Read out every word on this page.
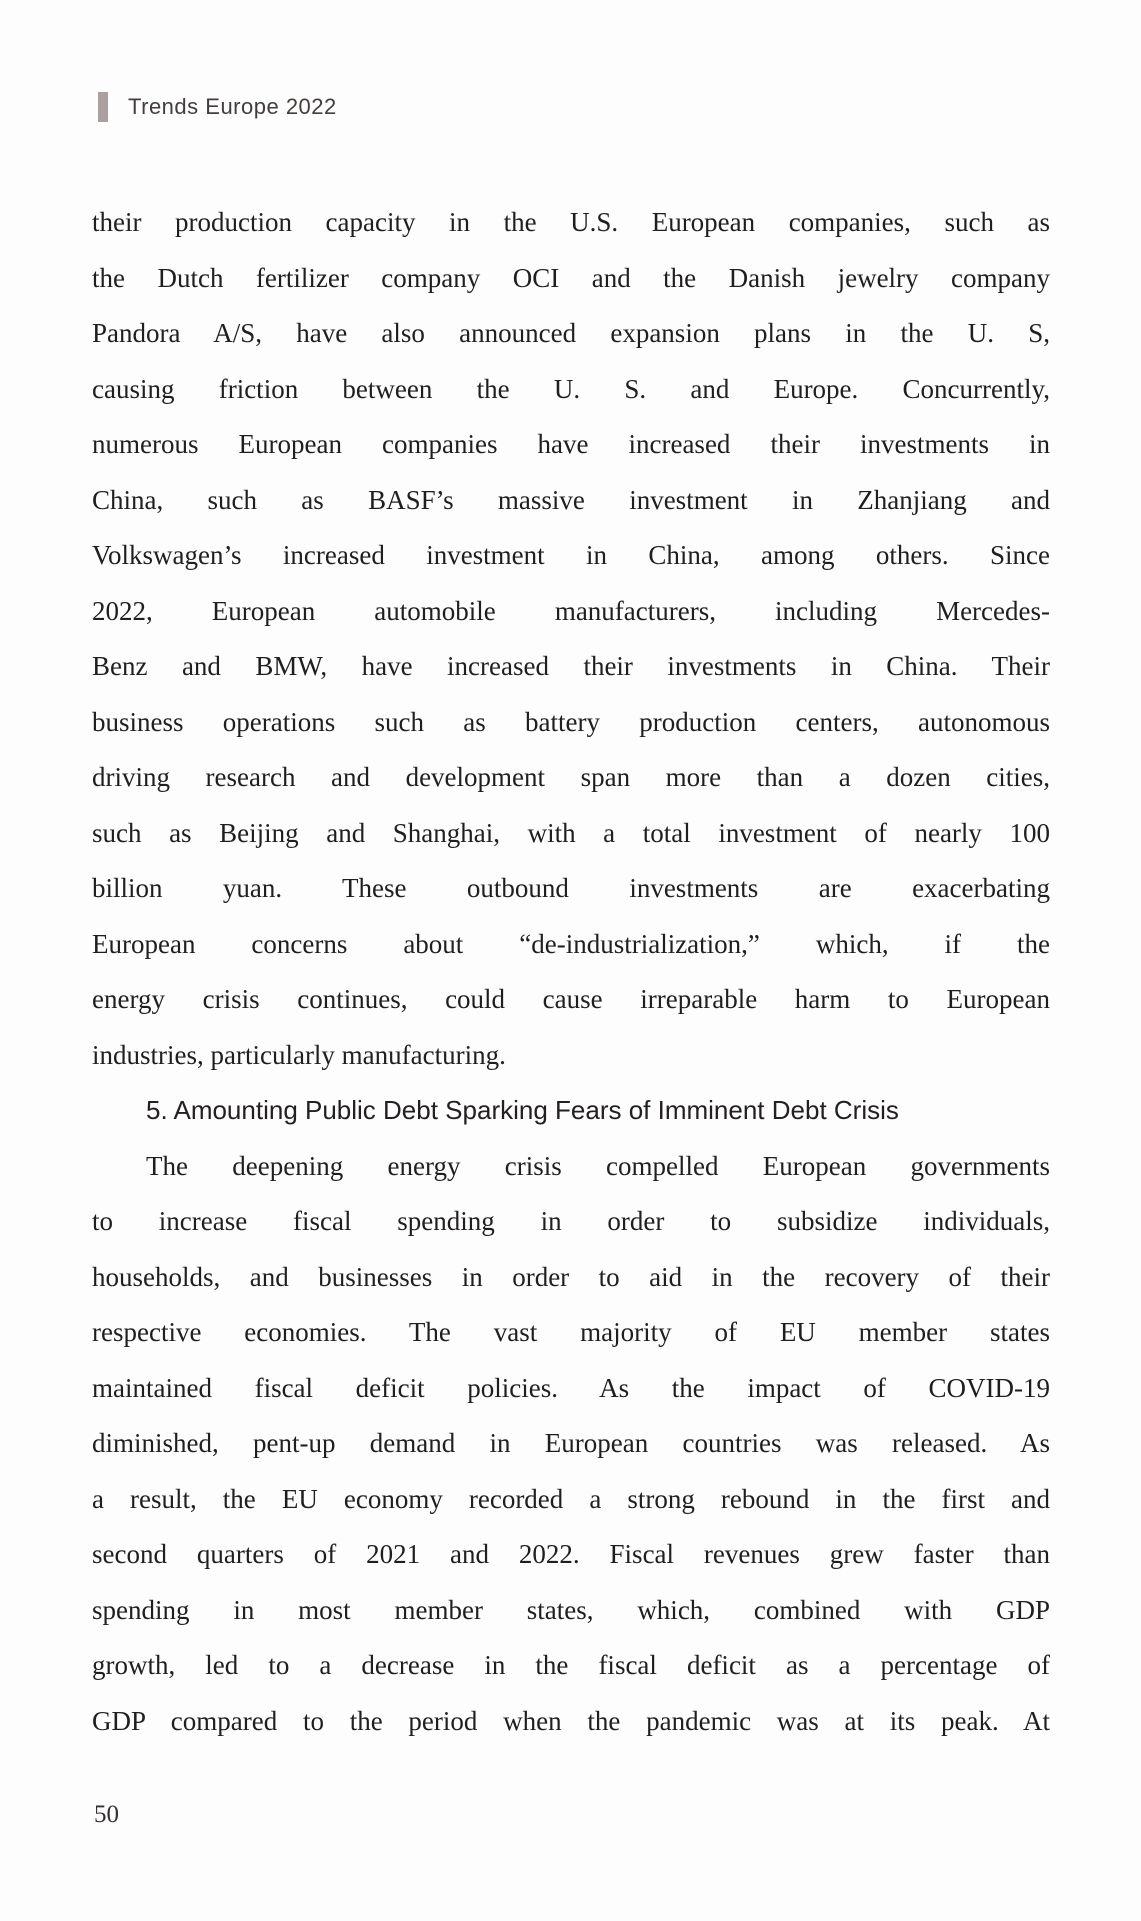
Trends Europe 2022
their production capacity in the U.S. European companies, such as
the Dutch fertilizer company OCI and the Danish jewelry company
Pandora A/S, have also announced expansion plans in the U. S,
causing friction between the U. S. and Europe. Concurrently,
numerous European companies have increased their investments in
China, such as BASF’s massive investment in Zhanjiang and
Volkswagen’s increased investment in China, among others. Since
2022, European automobile manufacturers, including Mercedes-
Benz and BMW, have increased their investments in China. Their
business operations such as battery production centers, autonomous
driving research and development span more than a dozen cities,
such as Beijing and Shanghai, with a total investment of nearly 100
billion yuan. These outbound investments are exacerbating
European concerns about “de-industrialization,” which, if the
energy crisis continues, could cause irreparable harm to European
industries, particularly manufacturing.
5. Amounting Public Debt Sparking Fears of Imminent Debt Crisis
The deepening energy crisis compelled European governments
to increase fiscal spending in order to subsidize individuals,
households, and businesses in order to aid in the recovery of their
respective economies. The vast majority of EU member states
maintained fiscal deficit policies. As the impact of COVID-19
diminished, pent-up demand in European countries was released. As
a result, the EU economy recorded a strong rebound in the first and
second quarters of 2021 and 2022. Fiscal revenues grew faster than
spending in most member states, which, combined with GDP
growth, led to a decrease in the fiscal deficit as a percentage of
GDP compared to the period when the pandemic was at its peak. At
50
